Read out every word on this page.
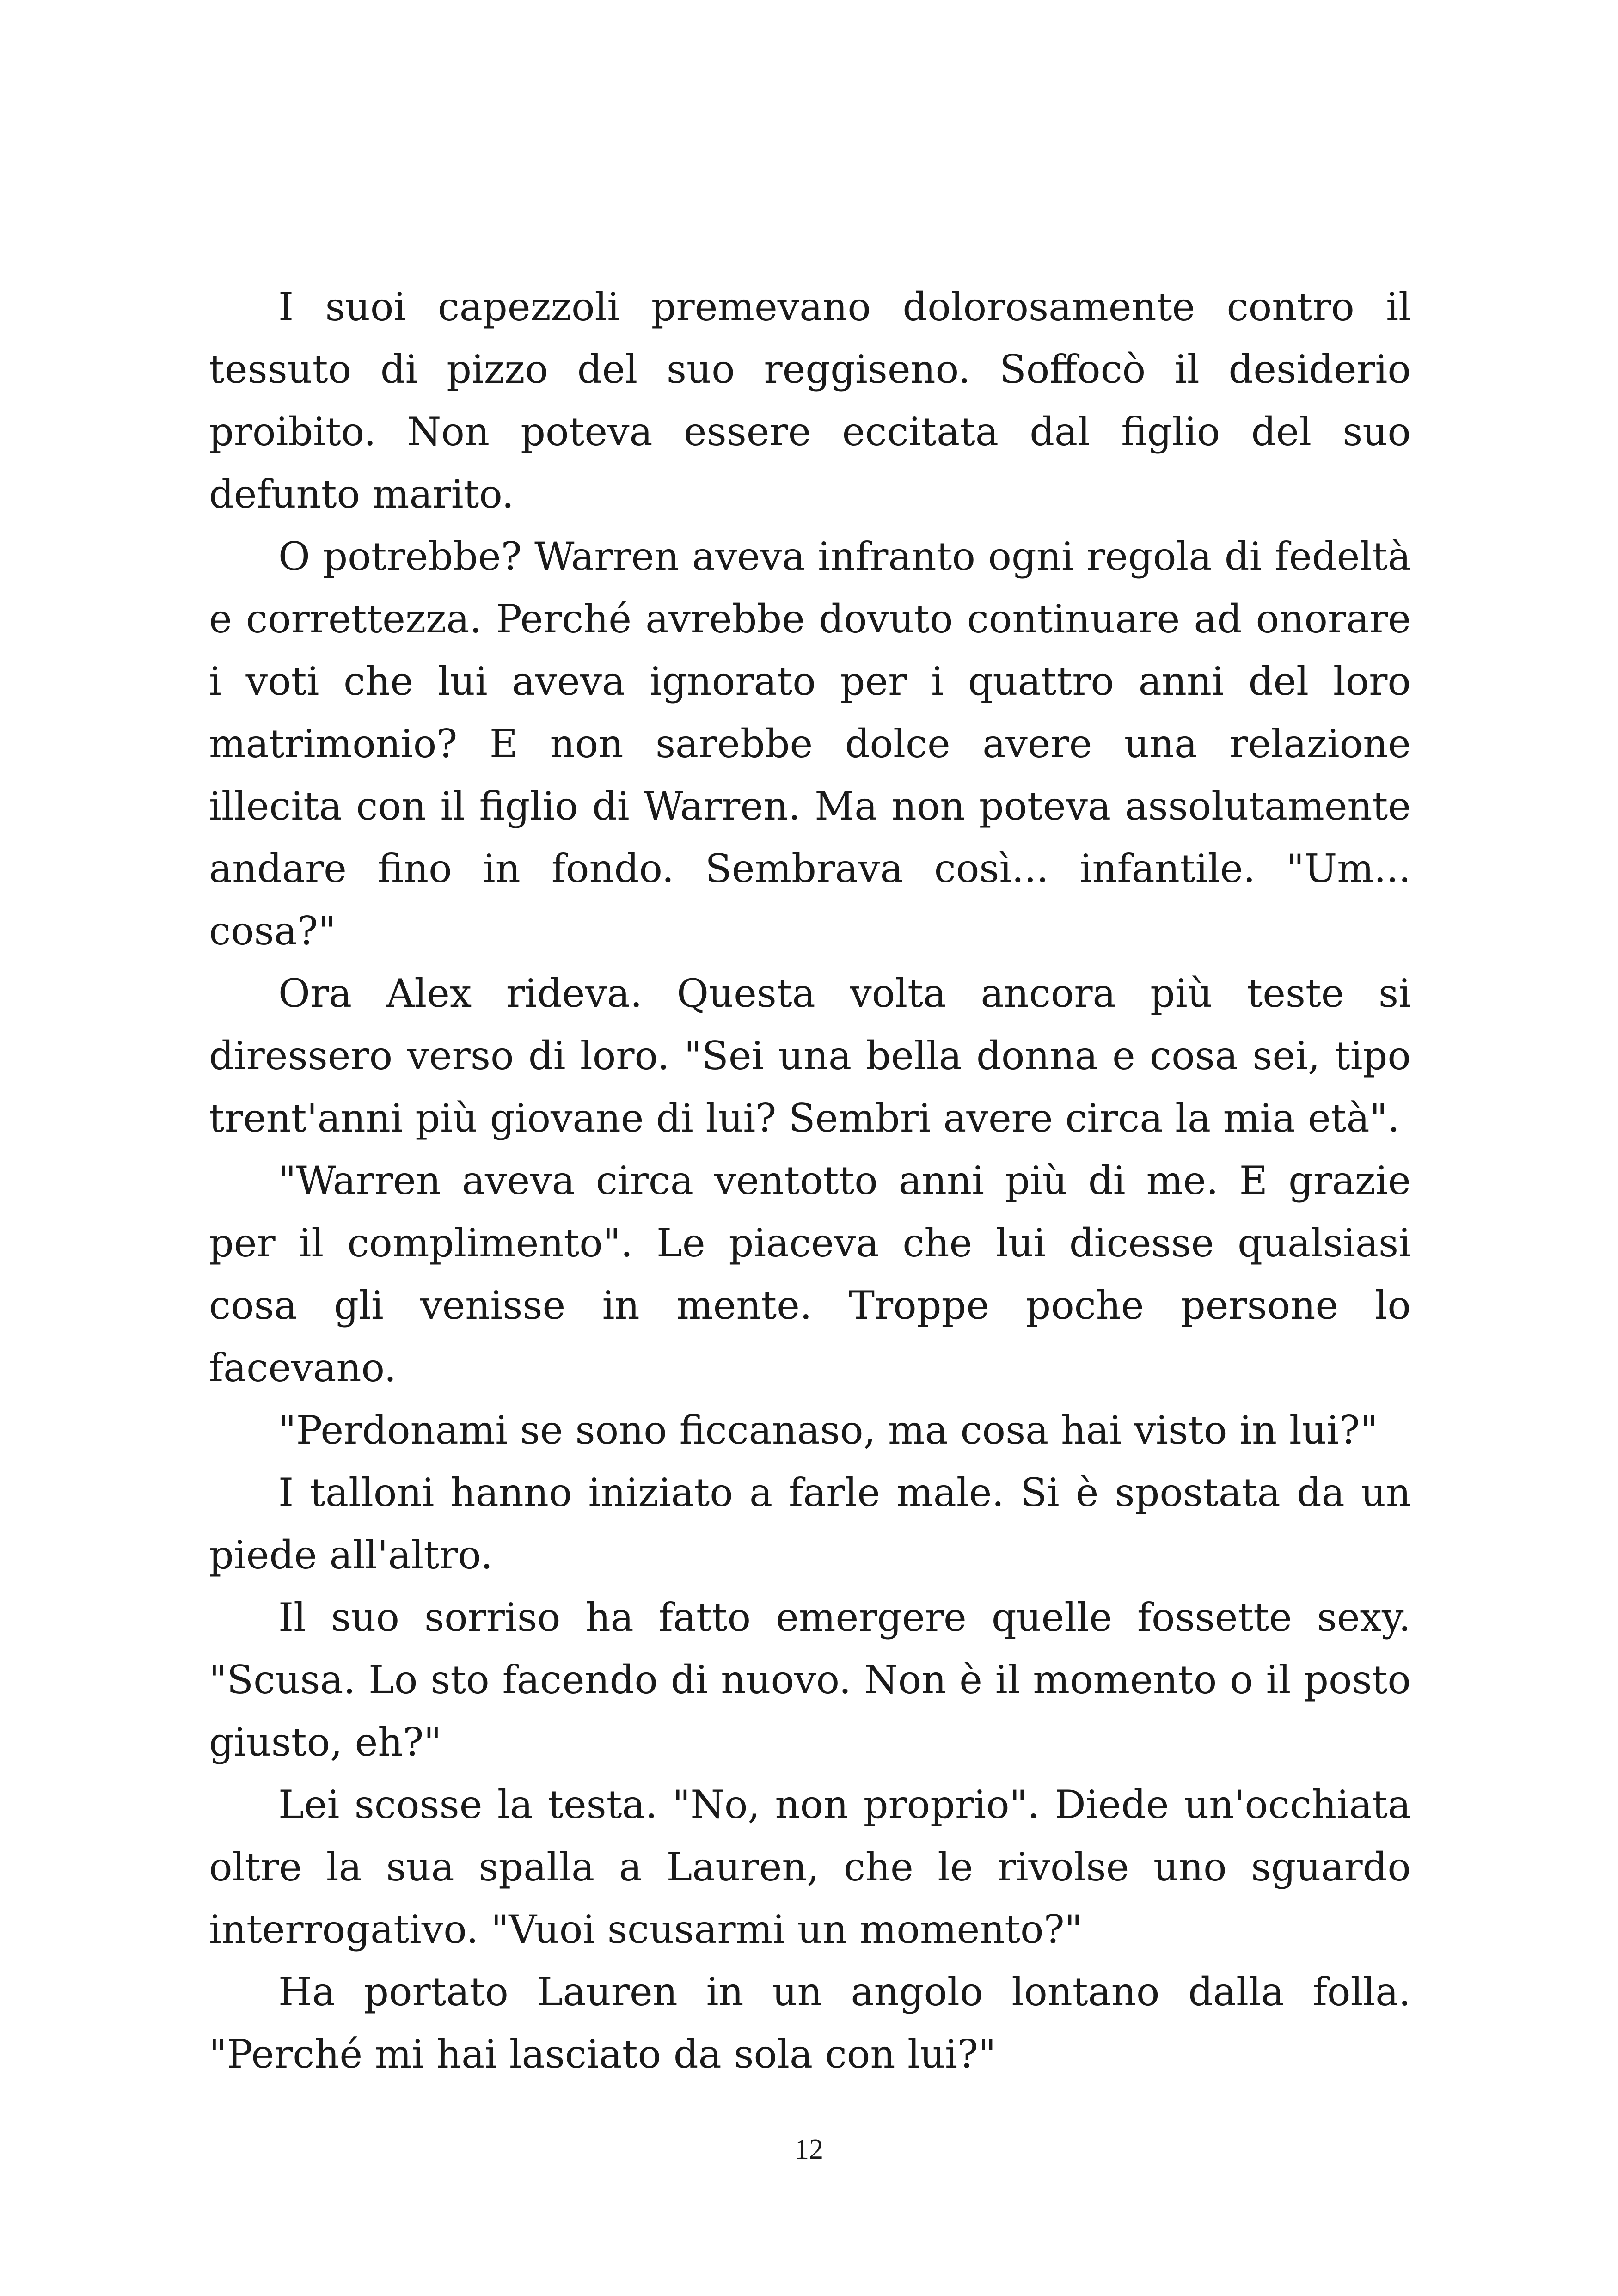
I suoi capezzoli premevano dolorosamente contro il tessuto di pizzo del suo reggiseno. Soffocò il desiderio proibito. Non poteva essere eccitata dal figlio del suo defunto marito.

O potrebbe? Warren aveva infranto ogni regola di fedeltà e correttezza. Perché avrebbe dovuto continuare ad onorare i voti che lui aveva ignorato per i quattro anni del loro matrimonio? E non sarebbe dolce avere una relazione illecita con il figlio di Warren. Ma non poteva assolutamente andare fino in fondo. Sembrava così... infantile. "Um... cosa?"

Ora Alex rideva. Questa volta ancora più teste si diressero verso di loro. "Sei una bella donna e cosa sei, tipo trent'anni più giovane di lui? Sembri avere circa la mia età".

"Warren aveva circa ventotto anni più di me. E grazie per il complimento". Le piaceva che lui dicesse qualsiasi cosa gli venisse in mente. Troppe poche persone lo facevano.

"Perdonami se sono ficcanaso, ma cosa hai visto in lui?"

I talloni hanno iniziato a farle male. Si è spostata da un piede all'altro.

Il suo sorriso ha fatto emergere quelle fossette sexy. "Scusa. Lo sto facendo di nuovo. Non è il momento o il posto giusto, eh?"

Lei scosse la testa. "No, non proprio". Diede un'occhiata oltre la sua spalla a Lauren, che le rivolse uno sguardo interrogativo. "Vuoi scusarmi un momento?"

Ha portato Lauren in un angolo lontano dalla folla. "Perché mi hai lasciato da sola con lui?"

12
